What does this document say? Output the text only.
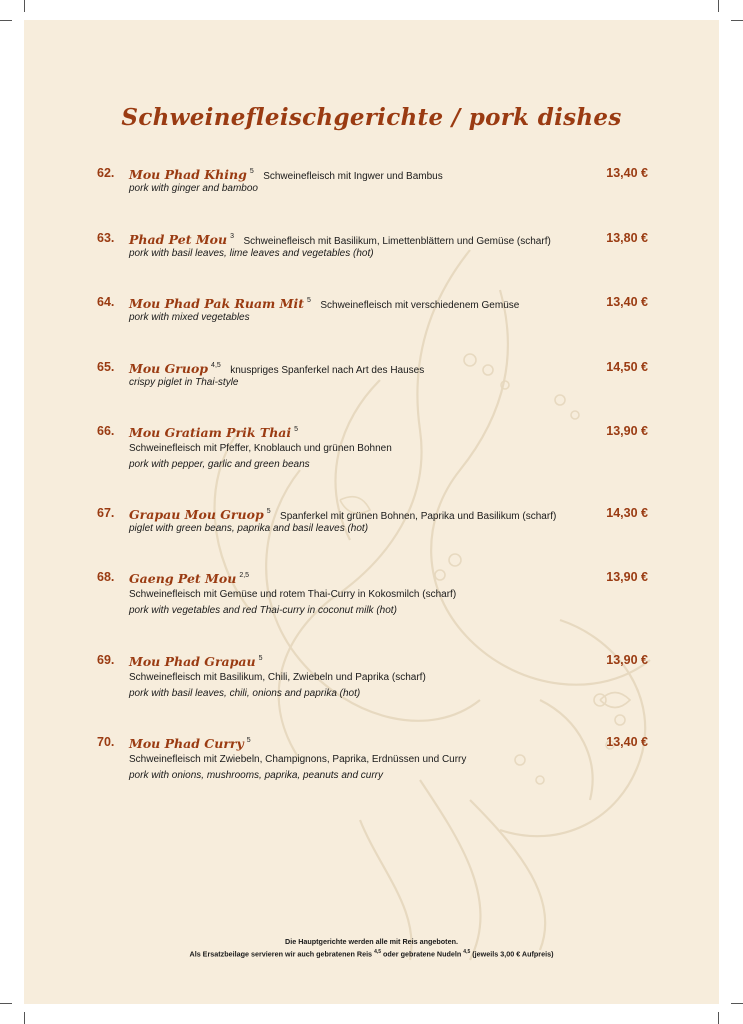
Schweinefleischgerichte / pork dishes
62. Mou Phad Khing $^5$ Schweinefleisch mit Ingwer und Bambus	13,40 €
pork with ginger and bamboo
63. Phad Pet Mou $^3$ Schweinefleisch mit Basilikum, Limettenblättern und Gemüse (scharf)	13,80 €
pork with basil leaves, lime leaves and vegetables (hot)
64. Mou Phad Pak Ruam Mit $^5$ Schweinefleisch mit verschiedenem Gemüse	13,40 €
pork with mixed vegetables
65. Mou Gruop $^{4,5}$ knuspriges Spanferkel nach Art des Hauses	14,50 €
crispy piglet in Thai-style
66. Mou Gratiam Prik Thai $^5$	13,90 €
Schweinefleisch mit Pfeffer, Knoblauch und grünen Bohnen
pork with pepper, garlic and green beans
67. Grapau Mou Gruop $^5$ Spanferkel mit grünen Bohnen, Paprika und Basilikum (scharf)	14,30 €
piglet with green beans, paprika and basil leaves (hot)
68. Gaeng Pet Mou $^{2,5}$	13,90 €
Schweinefleisch mit Gemüse und rotem Thai-Curry in Kokosmilch (scharf)
pork with vegetables and red Thai-curry in coconut milk (hot)
69. Mou Phad Grapau $^5$	13,90 €
Schweinefleisch mit Basilikum, Chili, Zwiebeln und Paprika (scharf)
pork with basil leaves, chili, onions and paprika (hot)
70. Mou Phad Curry $^5$	13,40 €
Schweinefleisch mit Zwiebeln, Champignons, Paprika, Erdnüssen und Curry
pork with onions, mushrooms, paprika, peanuts and curry
Die Hauptgerichte werden alle mit Reis angeboten.
Als Ersatzbeilage servieren wir auch gebratenen Reis $^{4,5}$ oder gebratene Nudeln $^{4,5}$ (jeweils 3,00 € Aufpreis)
